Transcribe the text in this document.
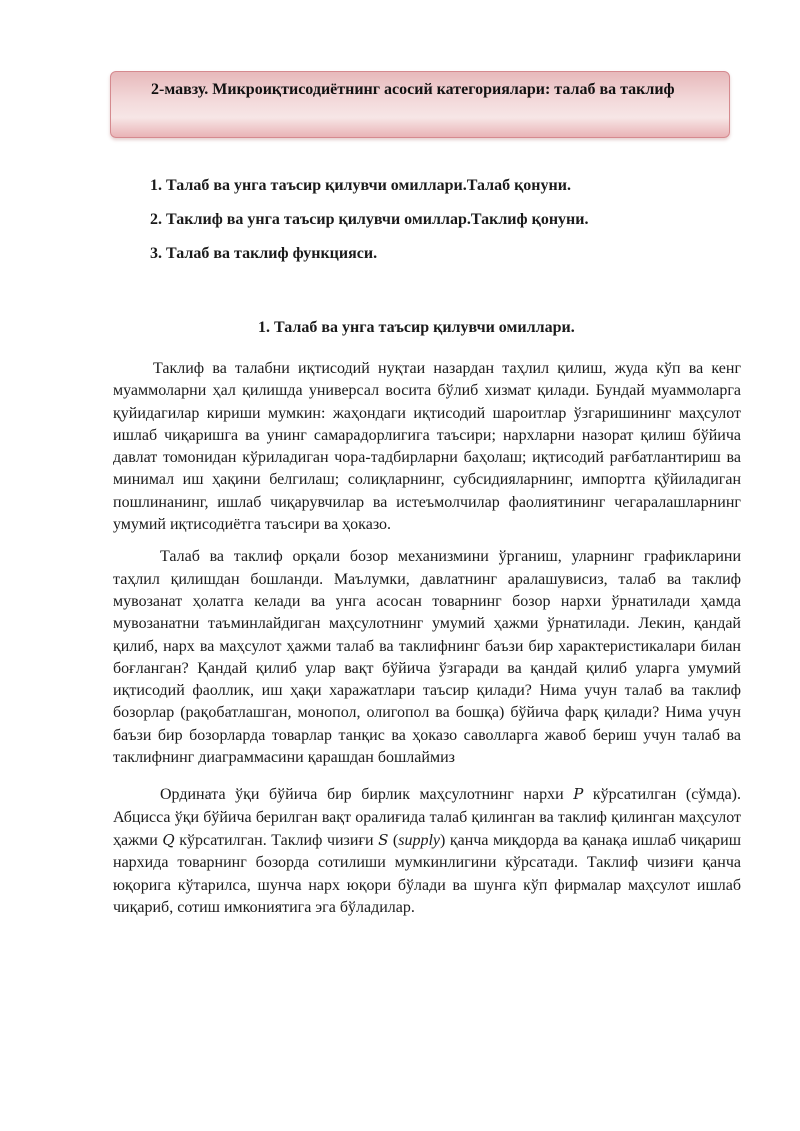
2-мавзу. Микроиқтисодиётнинг асосий категориялари: талаб ва таклиф

1. Талаб ва унга таъсир қилувчи омиллари.Талаб қонуни.
2. Таклиф ва унга таъсир қилувчи омиллар.Таклиф қонуни.
3. Талаб ва таклиф функцияси.
1. Талаб ва унга таъсир қилувчи омиллари.

Таклиф ва талабни иқтисодий нуқтаи назардан таҳлил қилиш, жуда кўп ва кенг муаммоларни ҳал қилишда универсал восита бўлиб хизмат қилади. Бундай муаммоларга қуйидагилар кириши мумкин: жаҳондаги иқтисодий шароитлар ўзгаришининг маҳсулот ишлаб чиқаришга ва унинг самарадорлигига таъсири; нархларни назорат қилиш бўйича давлат томонидан кўриладиган чора-тадбирларни баҳолаш; иқтисодий рағбатлантириш ва минимал иш ҳақини белгилаш; солиқларнинг, субсидияларнинг, импортга қўйиладиган пошлинанинг, ишлаб чиқарувчилар ва истеъмолчилар фаолиятининг чегаралашларнинг умумий иқтисодиётга таъсири ва ҳоказо.

Талаб ва таклиф орқали бозор механизмини ўрганиш, уларнинг графикларини таҳлил қилишдан бошланди. Маълумки, давлатнинг аралашувисиз, талаб ва таклиф мувозанат ҳолатга келади ва унга асосан товарнинг бозор нархи ўрнатилади ҳамда мувозанатни таъминлайдиган маҳсулотнинг умумий ҳажми ўрнатилади. Лекин, қандай қилиб, нарх ва маҳсулот ҳажми талаб ва таклифнинг баъзи бир характеристикалари билан боғланган? Қандай қилиб улар вақт бўйича ўзгаради ва қандай қилиб уларга умумий иқтисодий фаоллик, иш ҳақи харажатлари таъсир қилади? Нима учун талаб ва таклиф бозорлар (рақобатлашган, монопол, олигопол ва бошқа) бўйича фарқ қилади? Нима учун баъзи бир бозорларда товарлар танқис ва ҳоказо саволларга жавоб бериш учун талаб ва таклифнинг диаграммасини қарашдан бошлаймиз

Ордината ўқи бўйича бир бирлик маҳсулотнинг нархи P кўрсатилган (сўмда). Абцисса ўқи бўйича берилган вақт оралиғида талаб қилинган ва таклиф қилинган маҳсулот ҳажми Q кўрсатилган. Таклиф чизиғи S (supply) қанча миқдорда ва қанақа ишлаб чиқариш нархида товарнинг бозорда сотилиши мумкинлигини кўрсатади. Таклиф чизиғи қанча юқорига кўтарилса, шунча нарх юқори бўлади ва шунга кўп фирмалар маҳсулот ишлаб чиқариб, сотиш имкониятига эга бўладилар.
